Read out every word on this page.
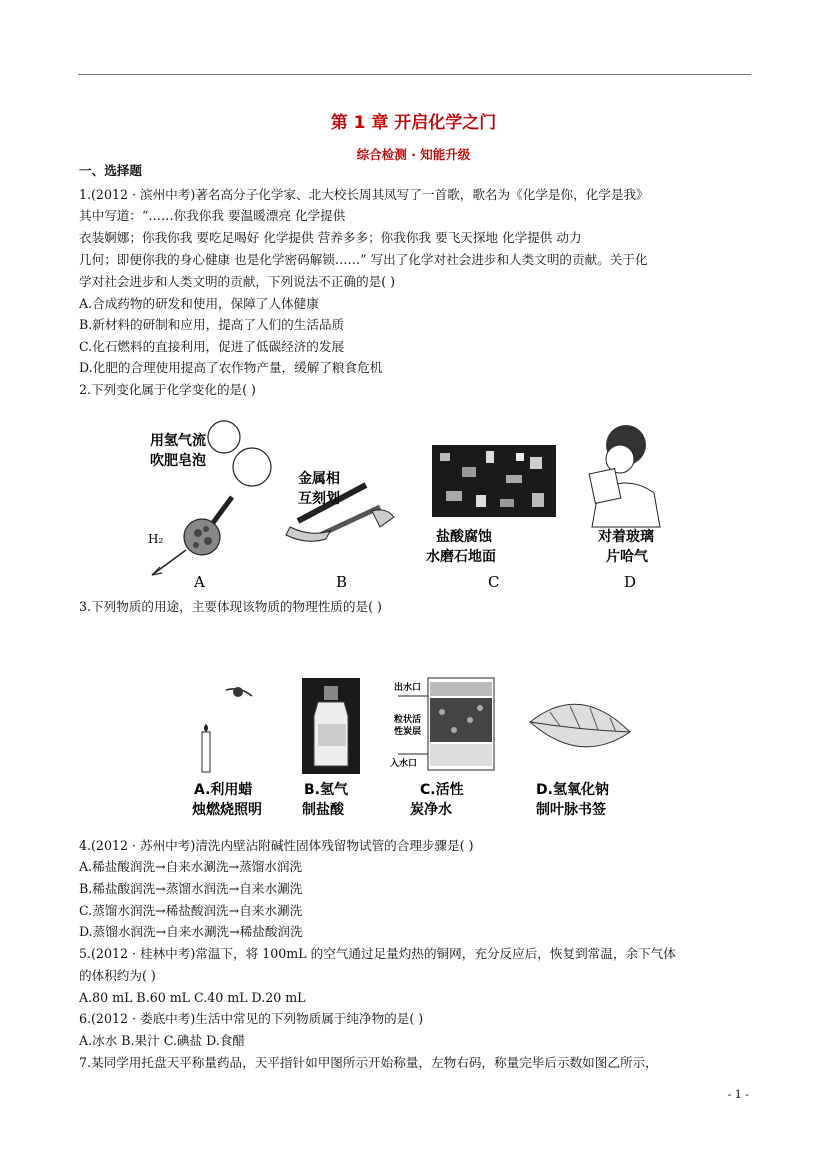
第 1 章 开启化学之门
综合检测 · 知能升级
一、选择题
1.(2012 · 滨州中考)著名高分子化学家、北大校长周其凤写了一首歌，歌名为《化学是你，化学是我》
其中写道：“……你我你我 要温暖漂亮 化学提供
衣装婀娜；你我你我 要吃足喝好 化学提供 营养多多；你我你我 要飞天探地 化学提供 动力
几何；即便你我的身心健康 也是化学密码解锁……” 写出了化学对社会进步和人类文明的贡献。关于化
学对社会进步和人类文明的贡献，下列说法不正确的是( )
A.合成药物的研发和使用，保障了人体健康
B.新材料的研制和应用，提高了人们的生活品质
C.化石燃料的直接利用，促进了低碳经济的发展
D.化肥的合理使用提高了农作物产量，缓解了粮食危机
2.下列变化属于化学变化的是( )
用氢气流
吹肥皂泡
H₂
A
金属相
互刻划
B
盐酸腐蚀
水磨石地面
C
对着玻璃
片哈气
D
3.下列物质的用途，主要体现该物质的物理性质的是( )
A.利用蜡
烛燃烧照明
B.氢气
制盐酸
出水口
粒状活
性炭层
入水口
C.活性
炭净水
D.氢氧化钠
制叶脉书签
4.(2012 · 苏州中考)清洗内壁沾附碱性固体残留物试管的合理步骤是( )
A.稀盐酸润洗→自来水涮洗→蒸馏水润洗
B.稀盐酸润洗→蒸馏水润洗→自来水涮洗
C.蒸馏水润洗→稀盐酸润洗→自来水涮洗
D.蒸馏水润洗→自来水涮洗→稀盐酸润洗
5.(2012 · 桂林中考)常温下，将 100mL 的空气通过足量灼热的铜网，充分反应后，恢复到常温，余下气体
的体积约为( )
A.80 mL B.60 mL C.40 mL D.20 mL
6.(2012 · 娄底中考)生活中常见的下列物质属于纯净物的是( )
A.冰水 B.果汁 C.碘盐 D.食醋
7.某同学用托盘天平称量药品，天平指针如甲图所示开始称量，左物右码，称量完毕后示数如图乙所示，
- 1 -
